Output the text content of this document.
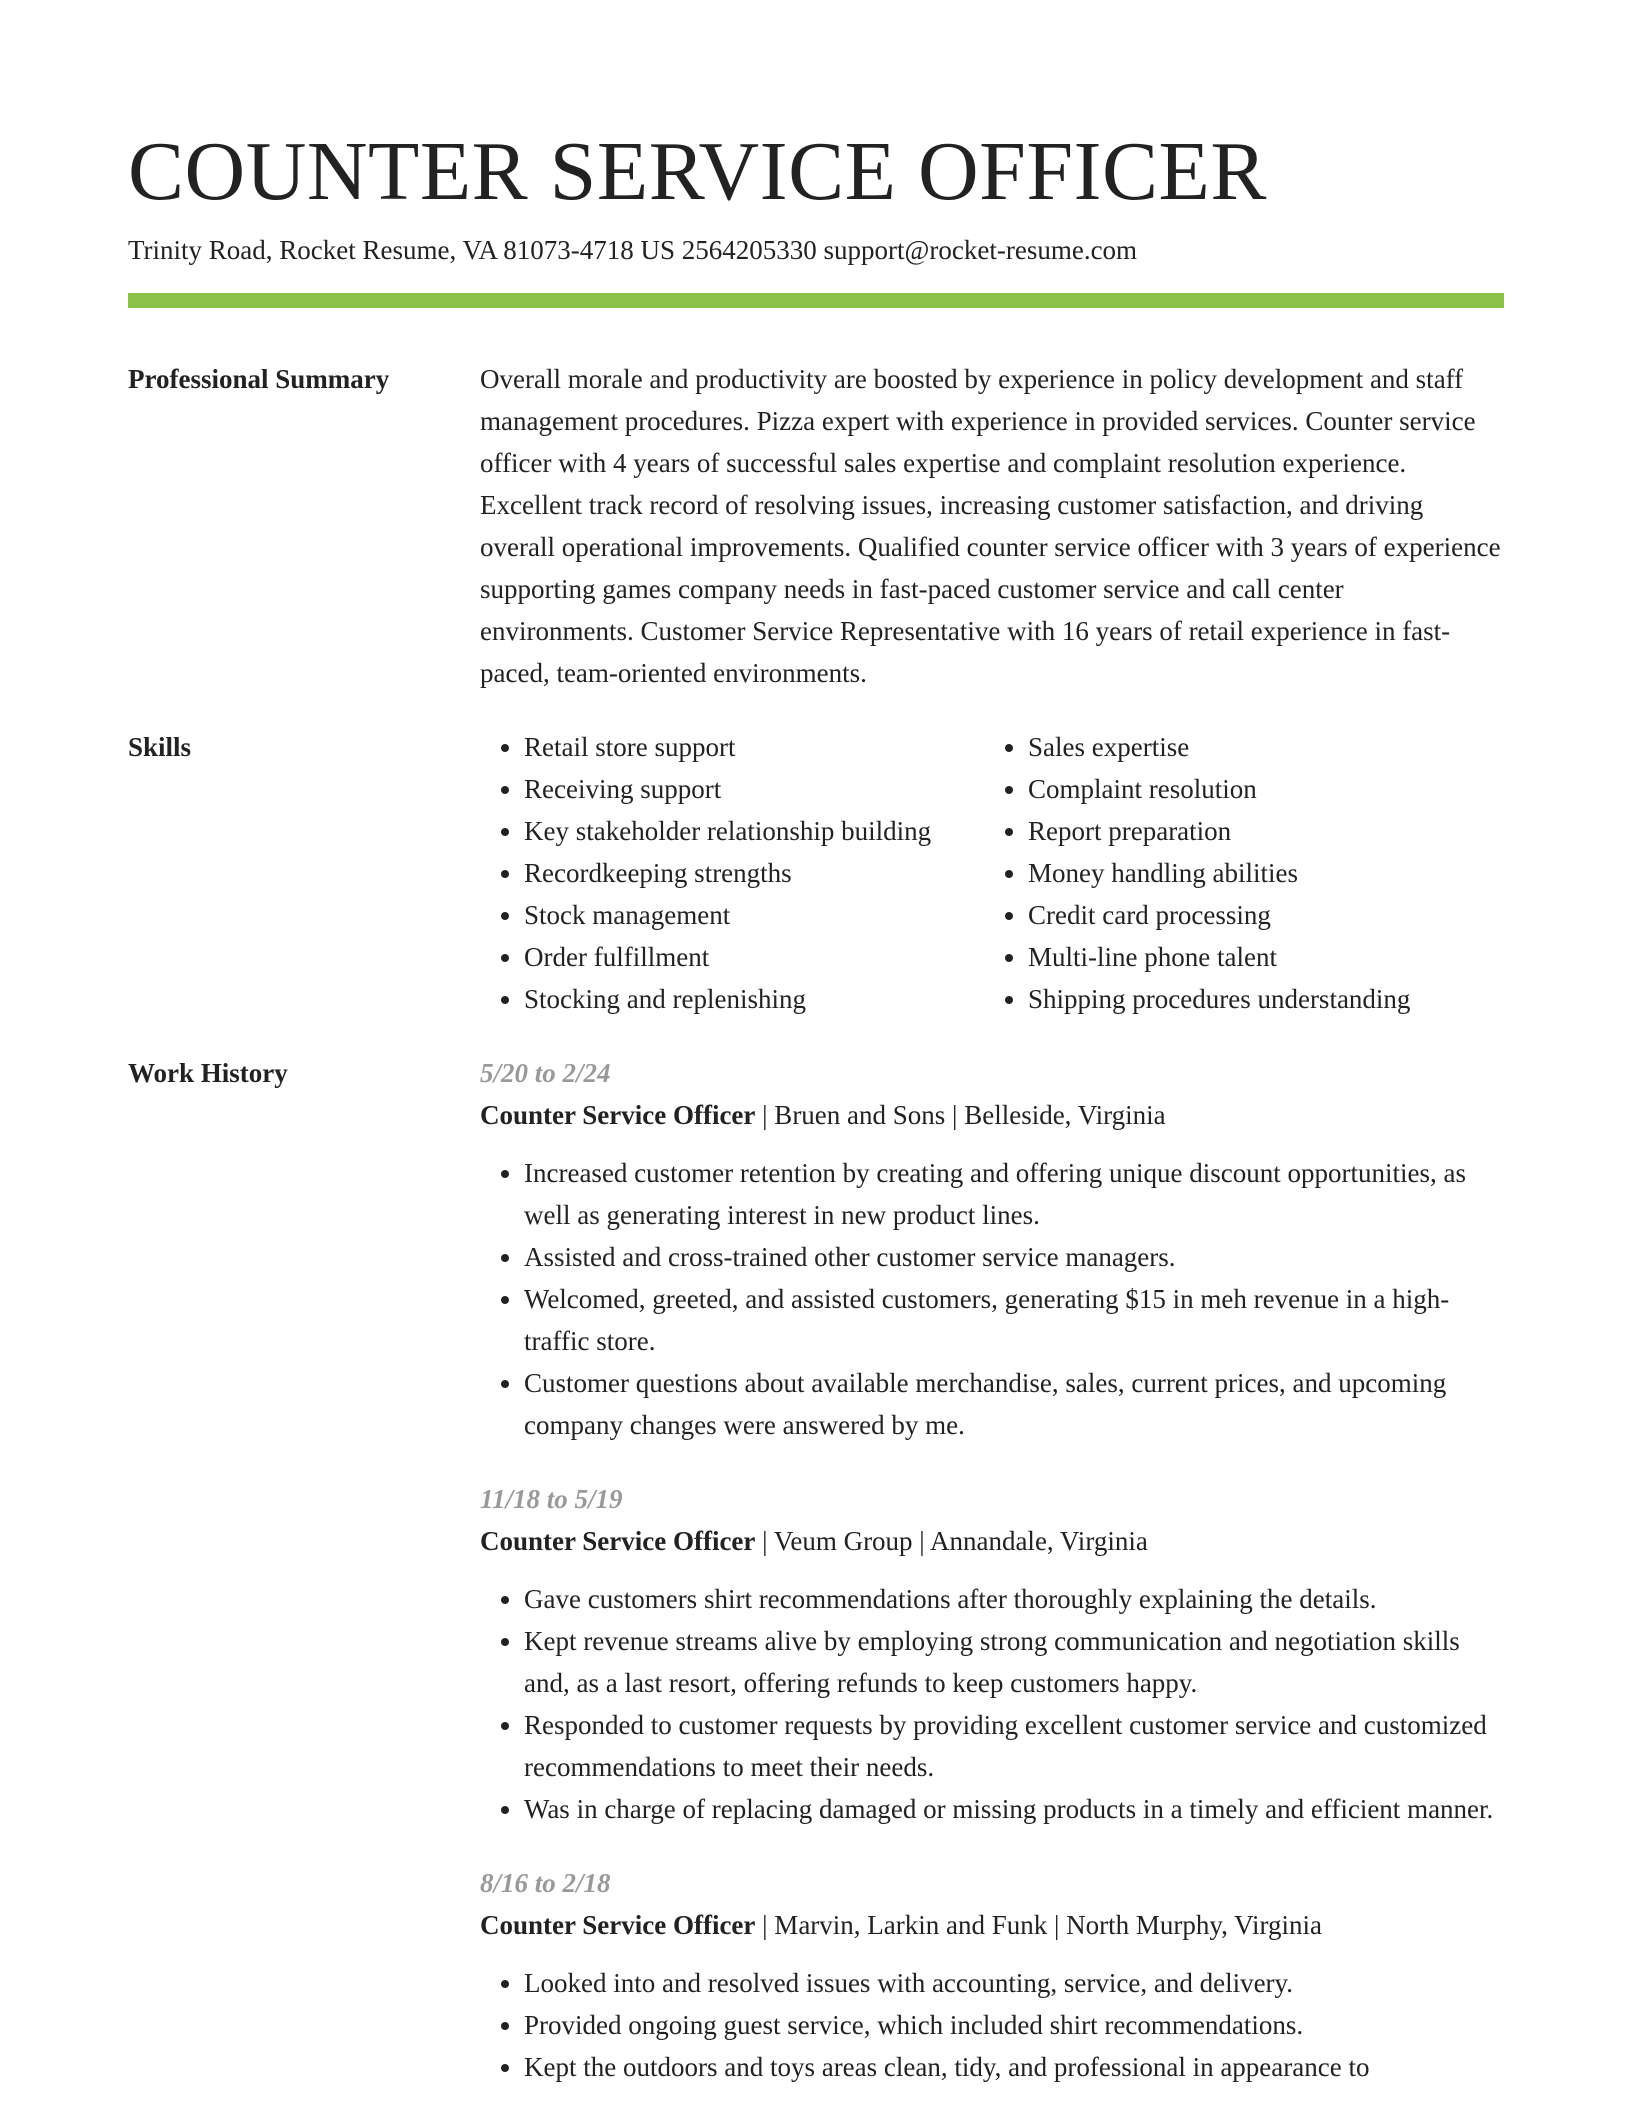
COUNTER SERVICE OFFICER
Trinity Road, Rocket Resume, VA 81073-4718 US 2564205330 support@rocket-resume.com
Professional Summary	Overall morale and productivity are boosted by experience in policy development and staff management procedures. Pizza expert with experience in provided services. Counter service officer with 4 years of successful sales expertise and complaint resolution experience. Excellent track record of resolving issues, increasing customer satisfaction, and driving overall operational improvements. Qualified counter service officer with 3 years of experience supporting games company needs in fast-paced customer service and call center environments. Customer Service Representative with 16 years of retail experience in fast-paced, team-oriented environments.

Skills
•	Retail store support
• Receiving support
• Key stakeholder relationship building
• Recordkeeping strengths
• Stock management
• Order fulfillment
• Stocking and replenishing
• Sales expertise
• Complaint resolution
• Report preparation
• Money handling abilities
• Credit card processing
• Multi-line phone talent
• Shipping procedures understanding
Work History	5/20 to 2/24
Counter Service Officer | Bruen and Sons | Belleside, Virginia
• Increased customer retention by creating and offering unique discount opportunities, as well as generating interest in new product lines.
• Assisted and cross-trained other customer service managers.
• Welcomed, greeted, and assisted customers, generating $15 in meh revenue in a high-traffic store.
• Customer questions about available merchandise, sales, current prices, and upcoming company changes were answered by me.
11/18 to 5/19
Counter Service Officer | Veum Group | Annandale, Virginia
• Gave customers shirt recommendations after thoroughly explaining the details.
• Kept revenue streams alive by employing strong communication and negotiation skills and, as a last resort, offering refunds to keep customers happy.
• Responded to customer requests by providing excellent customer service and customized recommendations to meet their needs.
• Was in charge of replacing damaged or missing products in a timely and efficient manner.
8/16 to 2/18
Counter Service Officer | Marvin, Larkin and Funk | North Murphy, Virginia
• Looked into and resolved issues with accounting, service, and delivery.
• Provided ongoing guest service, which included shirt recommendations.
• Kept the outdoors and toys areas clean, tidy, and professional in appearance to
